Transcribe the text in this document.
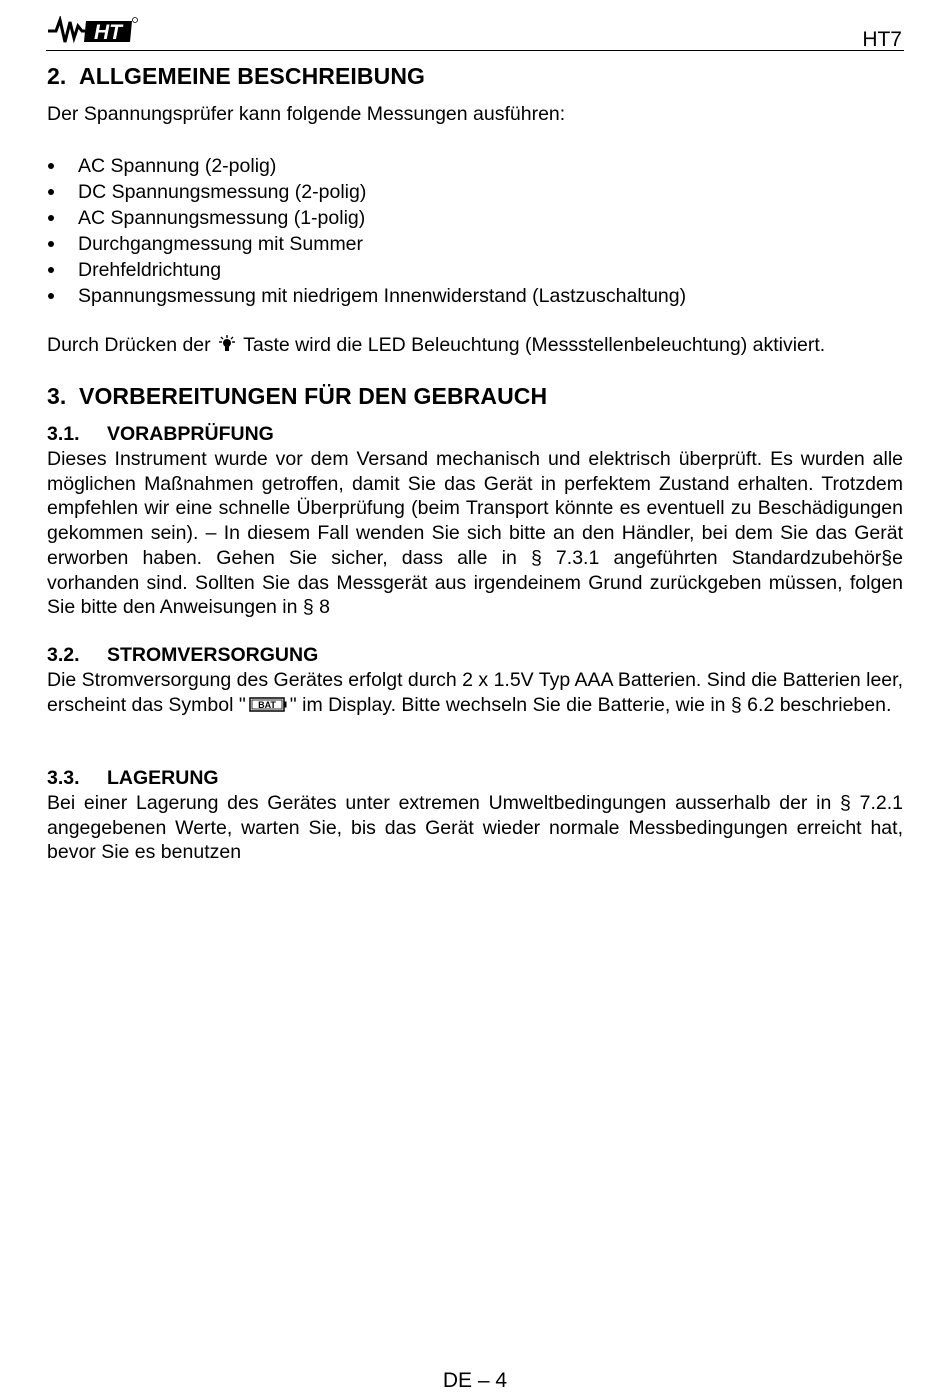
HT	HT7
2. ALLGEMEINE BESCHREIBUNG
Der Spannungsprüfer kann folgende Messungen ausführen:
AC Spannung (2-polig)
DC Spannungsmessung (2-polig)
AC Spannungsmessung (1-polig)
Durchgangmessung mit Summer
Drehfeldrichtung
Spannungsmessung mit niedrigem Innenwiderstand (Lastzuschaltung)
Durch Drücken der Taste wird die LED Beleuchtung (Messstellenbeleuchtung) aktiviert.
3. VORBEREITUNGEN FÜR DEN GEBRAUCH
3.1. VORABPRÜFUNG
Dieses Instrument wurde vor dem Versand mechanisch und elektrisch überprüft. Es wurden alle möglichen Maßnahmen getroffen, damit Sie das Gerät in perfektem Zustand erhalten. Trotzdem empfehlen wir eine schnelle Überprüfung (beim Transport könnte es eventuell zu Beschädigungen gekommen sein). – In diesem Fall wenden Sie sich bitte an den Händler, bei dem Sie das Gerät erworben haben. Gehen Sie sicher, dass alle in § 7.3.1 angeführten Standardzubehör§e vorhanden sind. Sollten Sie das Messgerät aus irgendeinem Grund zurückgeben müssen, folgen Sie bitte den Anweisungen in § 8
3.2. STROMVERSORGUNG
Die Stromversorgung des Gerätes erfolgt durch 2 x 1.5V Typ AAA Batterien. Sind die Batterien leer, erscheint das Symbol " BAT " im Display. Bitte wechseln Sie die Batterie, wie in § 6.2 beschrieben.
3.3. LAGERUNG
Bei einer Lagerung des Gerätes unter extremen Umweltbedingungen ausserhalb der in § 7.2.1 angegebenen Werte, warten Sie, bis das Gerät wieder normale Messbedingungen erreicht hat, bevor Sie es benutzen
DE – 4
